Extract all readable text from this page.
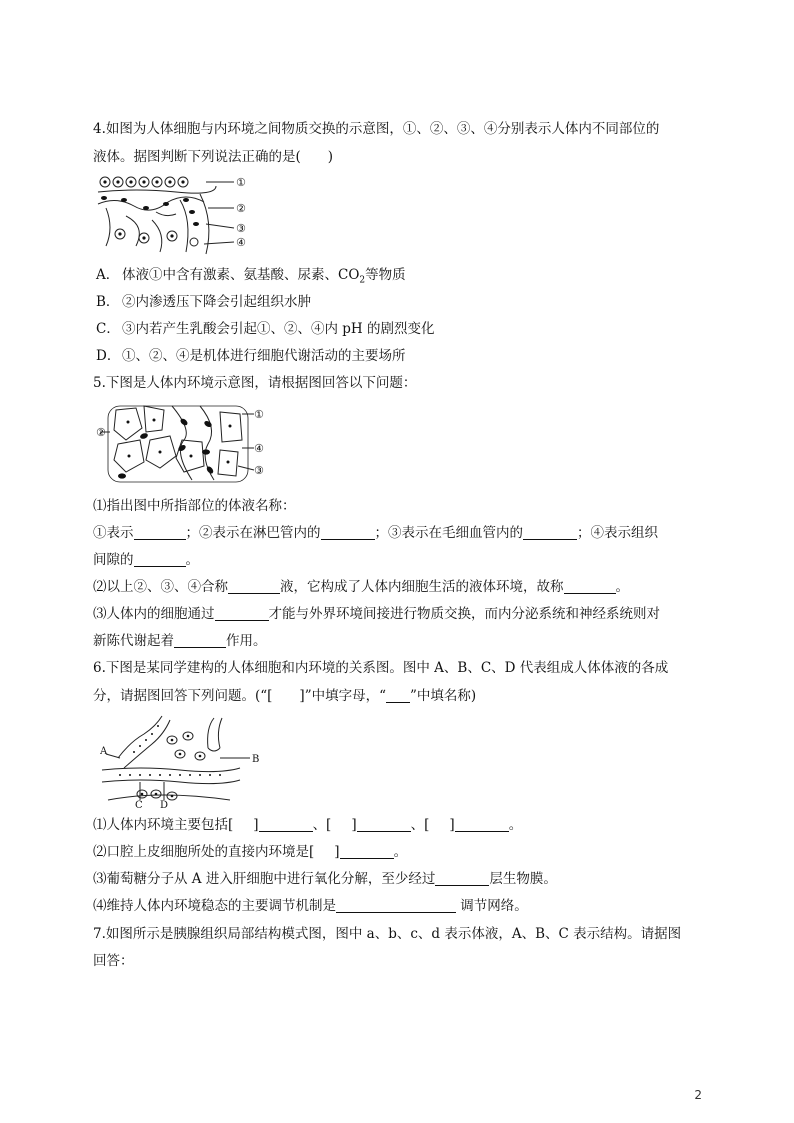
4.如图为人体细胞与内环境之间物质交换的示意图，①、②、③、④分别表示人体内不同部位的
液体。据图判断下列说法正确的是(　　)
①
②
③
④
A． 体液①中含有激素、氨基酸、尿素、$CO_2$等物质
B． ②内渗透压下降会引起组织水肿
C． ③内若产生乳酸会引起①、②、④内 pH 的剧烈变化
D． ①、②、④是机体进行细胞代谢活动的主要场所
5.下图是人体内环境示意图，请根据图回答以下问题：
①
②
③
④
⑴指出图中所指部位的体液名称：
①表示	；②表示在淋巴管内的	；③表示在毛细血管内的	；④表示组织
间隙的	。
⑵以上②、③、④合称	液，它构成了人体内细胞生活的液体环境，故称	。
⑶人体内的细胞通过	才能与外界环境间接进行物质交换，而内分泌系统和神经系统则对
新陈代谢起着	作用。
6.下图是某同学建构的人体细胞和内环境的关系图。图中 A、B、C、D 代表组成人体体液的各成
分，请据图回答下列问题。(“[　　]”中填字母，“ ”中填名称)
A
B
C D
⑴人体内环境主要包括[ ]	、[ ]	、[ ]	。
⑵口腔上皮细胞所处的直接内环境是[ ]	。
⑶葡萄糖分子从 A 进入肝细胞中进行氧化分解，至少经过	层生物膜。
⑷维持人体内环境稳态的主要调节机制是	调节网络。
7.如图所示是胰腺组织局部结构模式图，图中 a、b、c、d 表示体液，A、B、C 表示结构。请据图
回答：
2
